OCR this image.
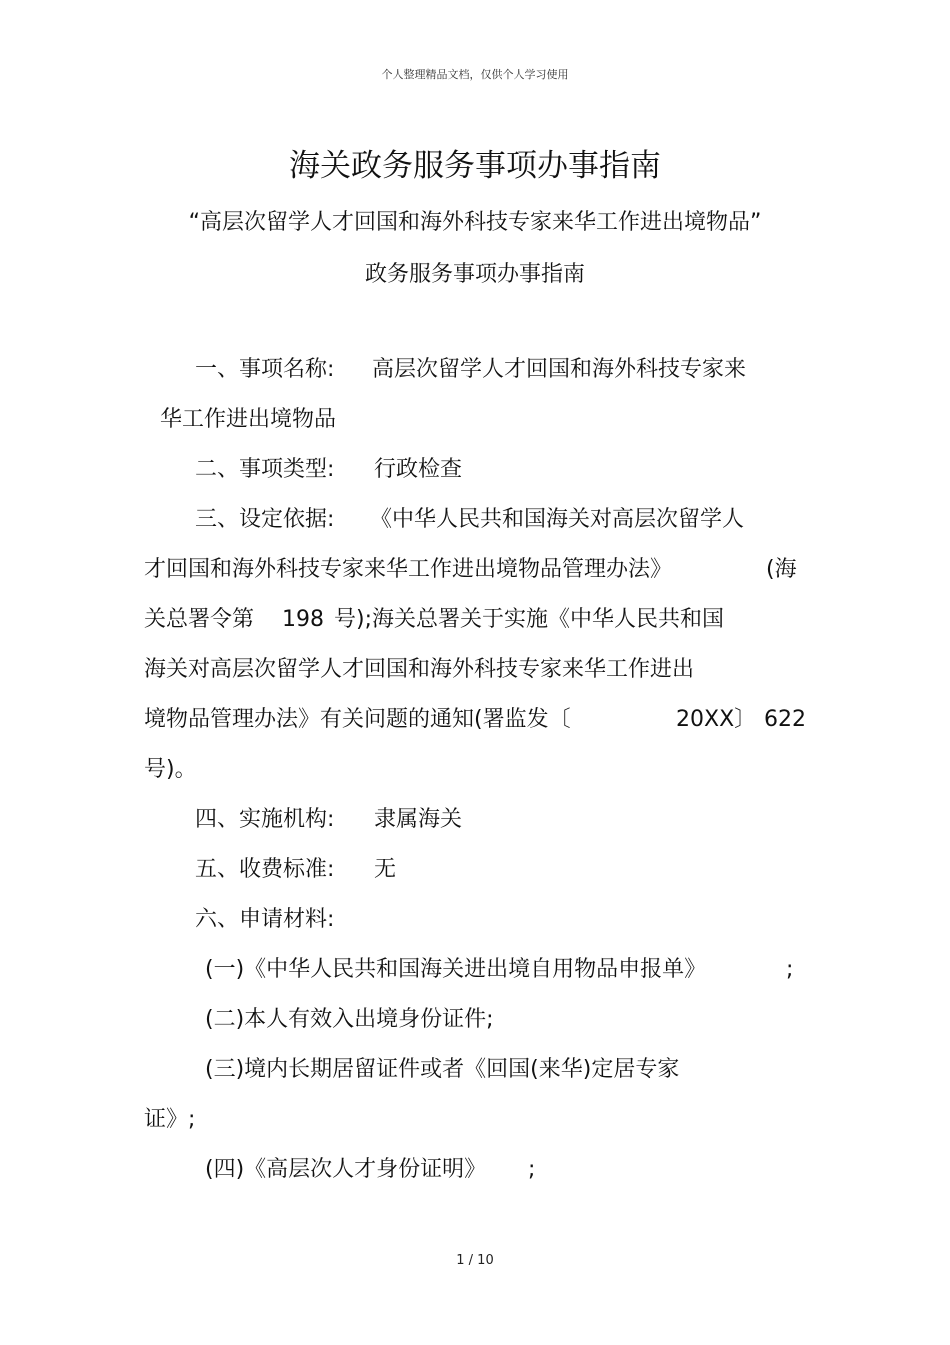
个人整理精品文档，仅供个人学习使用
海关政务服务事项办事指南
“高层次留学人才回国和海外科技专家来华工作进出境物品”
政务服务事项办事指南
一、事项名称: 高层次留学人才回国和海外科技专家来
华工作进出境物品
二、事项类型: 行政检查
三、设定依据: 《中华人民共和国海关对高层次留学人
才回国和海外科技专家来华工作进出境物品管理办法》	(海
关总署令第 198 号);海关总署关于实施《中华人民共和国
海关对高层次留学人才回国和海外科技专家来华工作进出
境物品管理办法》有关问题的通知(署监发〔	20XX〕 622
号)。
四、实施机构: 隶属海关
五、收费标准: 无
六、申请材料:
(一)《中华人民共和国海关进出境自用物品申报单》	;
(二)本人有效入出境身份证件;
(三)境内长期居留证件或者《回国(来华)定居专家
证》;
(四)《高层次人才身份证明》 ;
1 / 10
